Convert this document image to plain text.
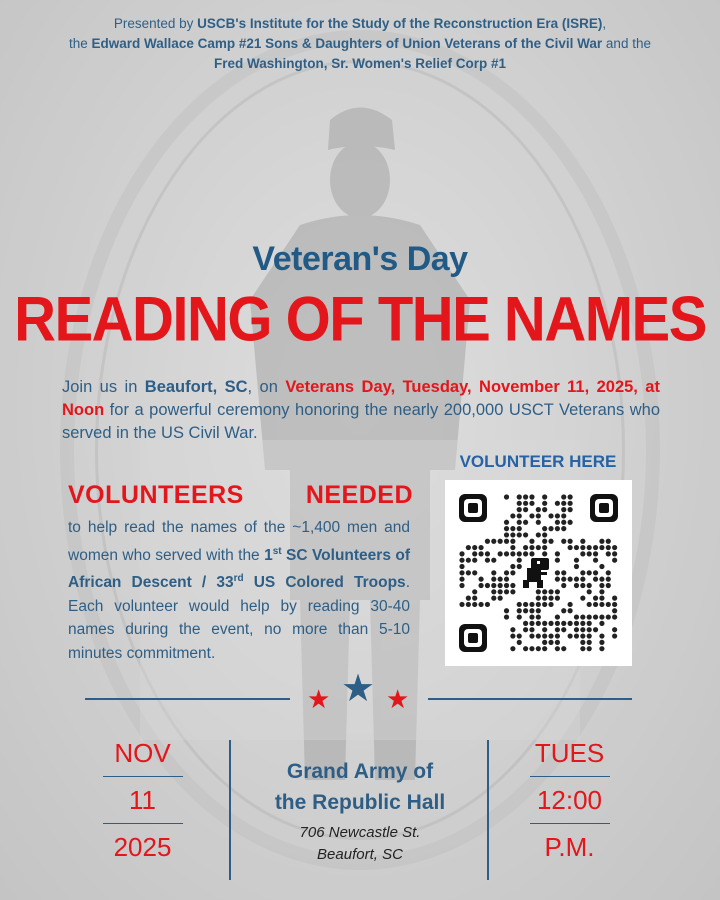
Presented by USCB's Institute for the Study of the Reconstruction Era (ISRE),
the Edward Wallace Camp #21 Sons & Daughters of Union Veterans of the Civil War and the Fred Washington, Sr. Women's Relief Corp #1
Veteran's Day
READING OF THE NAMES
Join us in Beaufort, SC, on Veterans Day, Tuesday, November 11, 2025, at Noon for a powerful ceremony honoring the nearly 200,000 USCT Veterans who served in the US Civil War.
VOLUNTEERS NEEDED
to help read the names of the ~1,400 men and women who served with the 1st SC Volunteers of African Descent / 33rd US Colored Troops. Each volunteer would help by reading 30-40 names during the event, no more than 5-10 minutes commitment.
VOLUNTEER HERE
★ ★ ★
NOV
11
2025
Grand Army of
the Republic Hall
706 Newcastle St.
Beaufort, SC
TUES
12:00
P.M.
